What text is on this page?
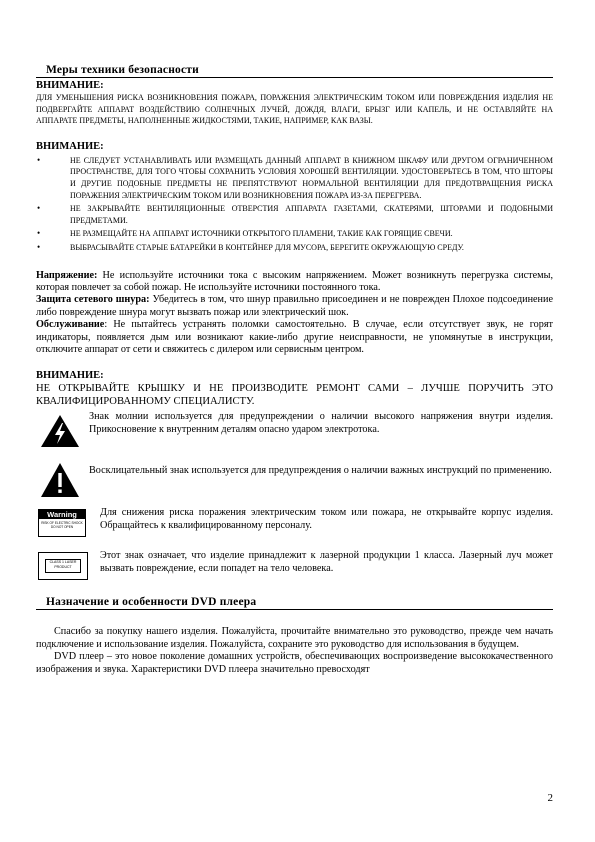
Меры техники безопасности

ВНИМАНИЕ:

ДЛЯ УМЕНЬШЕНИЯ РИСКА ВОЗНИКНОВЕНИЯ ПОЖАРА, ПОРАЖЕНИЯ ЭЛЕКТРИЧЕСКИМ ТОКОМ ИЛИ ПОВРЕЖДЕНИЯ ИЗДЕЛИЯ НЕ ПОДВЕРГАЙТЕ АППАРАТ ВОЗДЕЙСТВИЮ СОЛНЕЧНЫХ ЛУЧЕЙ, ДОЖДЯ, ВЛАГИ, БРЫЗГ ИЛИ КАПЕЛЬ, И НЕ ОСТАВЛЯЙТЕ НА АППАРАТЕ ПРЕДМЕТЫ, НАПОЛНЕННЫЕ ЖИДКОСТЯМИ, ТАКИЕ, НАПРИМЕР, КАК ВАЗЫ.

ВНИМАНИЕ:

•	НЕ СЛЕДУЕТ УСТАНАВЛИВАТЬ ИЛИ РАЗМЕЩАТЬ ДАННЫЙ АППАРАТ В КНИЖНОМ ШКАФУ ИЛИ ДРУГОМ ОГРАНИЧЕННОМ ПРОСТРАНСТВЕ, ДЛЯ ТОГО ЧТОБЫ СОХРАНИТЬ УСЛОВИЯ ХОРОШЕЙ ВЕНТИЛЯЦИИ. УДОСТОВЕРЬТЕСЬ В ТОМ, ЧТО ШТОРЫ И ДРУГИЕ ПОДОБНЫЕ ПРЕДМЕТЫ НЕ ПРЕПЯТСТВУЮТ НОРМАЛЬНОЙ ВЕНТИЛЯЦИИ ДЛЯ ПРЕДОТВРАЩЕНИЯ РИСКА ПОРАЖЕНИЯ ЭЛЕКТРИЧЕСКИМ ТОКОМ ИЛИ ВОЗНИКНОВЕНИЯ ПОЖАРА ИЗ-ЗА ПЕРЕГРЕВА.
•	НЕ ЗАКРЫВАЙТЕ ВЕНТИЛЯЦИОННЫЕ ОТВЕРСТИЯ АППАРАТА ГАЗЕТАМИ, СКАТЕРЯМИ, ШТОРАМИ И ПОДОБНЫМИ ПРЕДМЕТАМИ.
•	НЕ РАЗМЕЩАЙТЕ НА АППАРАТ ИСТОЧНИКИ ОТКРЫТОГО ПЛАМЕНИ, ТАКИЕ КАК ГОРЯЩИЕ СВЕЧИ.
•	ВЫБРАСЫВАЙТЕ СТАРЫЕ БАТАРЕЙКИ В КОНТЕЙНЕР ДЛЯ МУСОРА, БЕРЕГИТЕ ОКРУЖАЮЩУЮ СРЕДУ.

Напряжение: Не используйте источники тока с высоким напряжением. Может возникнуть перегрузка системы, которая повлечет за собой пожар. Не используйте источники постоянного тока.

Защита сетевого шнура: Убедитесь в том, что шнур правильно присоединен и не поврежден Плохое подсоединение либо повреждение шнура могут вызвать пожар или электрический шок.

Обслуживание: Не пытайтесь устранять поломки самостоятельно. В случае, если отсутствует звук, не горят индикаторы, появляется дым или возникают какие-либо другие неисправности, не упомянутые в инструкции, отключите аппарат от сети и свяжитесь с дилером или сервисным центром.

ВНИМАНИЕ:

НЕ ОТКРЫВАЙТЕ КРЫШКУ И НЕ ПРОИЗВОДИТЕ РЕМОНТ САМИ – ЛУЧШЕ ПОРУЧИТЬ ЭТО КВАЛИФИЦИРОВАННОМУ СПЕЦИАЛИСТУ.

Знак молнии используется для предупреждении о наличии высокого напряжения внутри изделия. Прикосновение к внутренним деталям опасно ударом электротока.
Восклицательный знак используется для предупреждения о наличии важных инструкций по применению.
Warning
RISK OF ELECTRIC SHOCK DO NOT OPEN
Для снижения риска поражения электрическим током или пожара, не открывайте корпус изделия. Обращайтесь к квалифицированному персоналу.
CLASS 1 LASER PRODUCT
Этот знак означает, что изделие принадлежит к лазерной продукции 1 класса. Лазерный луч может вызвать повреждение, если попадет на тело человека.
Назначение и особенности DVD плеера

Спасибо за покупку нашего изделия. Пожалуйста, прочитайте внимательно это руководство, прежде чем начать подключение и использование изделия. Пожалуйста, сохраните это руководство для использования в будущем.

DVD плеер – это новое поколение домашних устройств, обеспечивающих воспроизведение высококачественного изображения и звука. Характеристики DVD плеера значительно превосходят

2
